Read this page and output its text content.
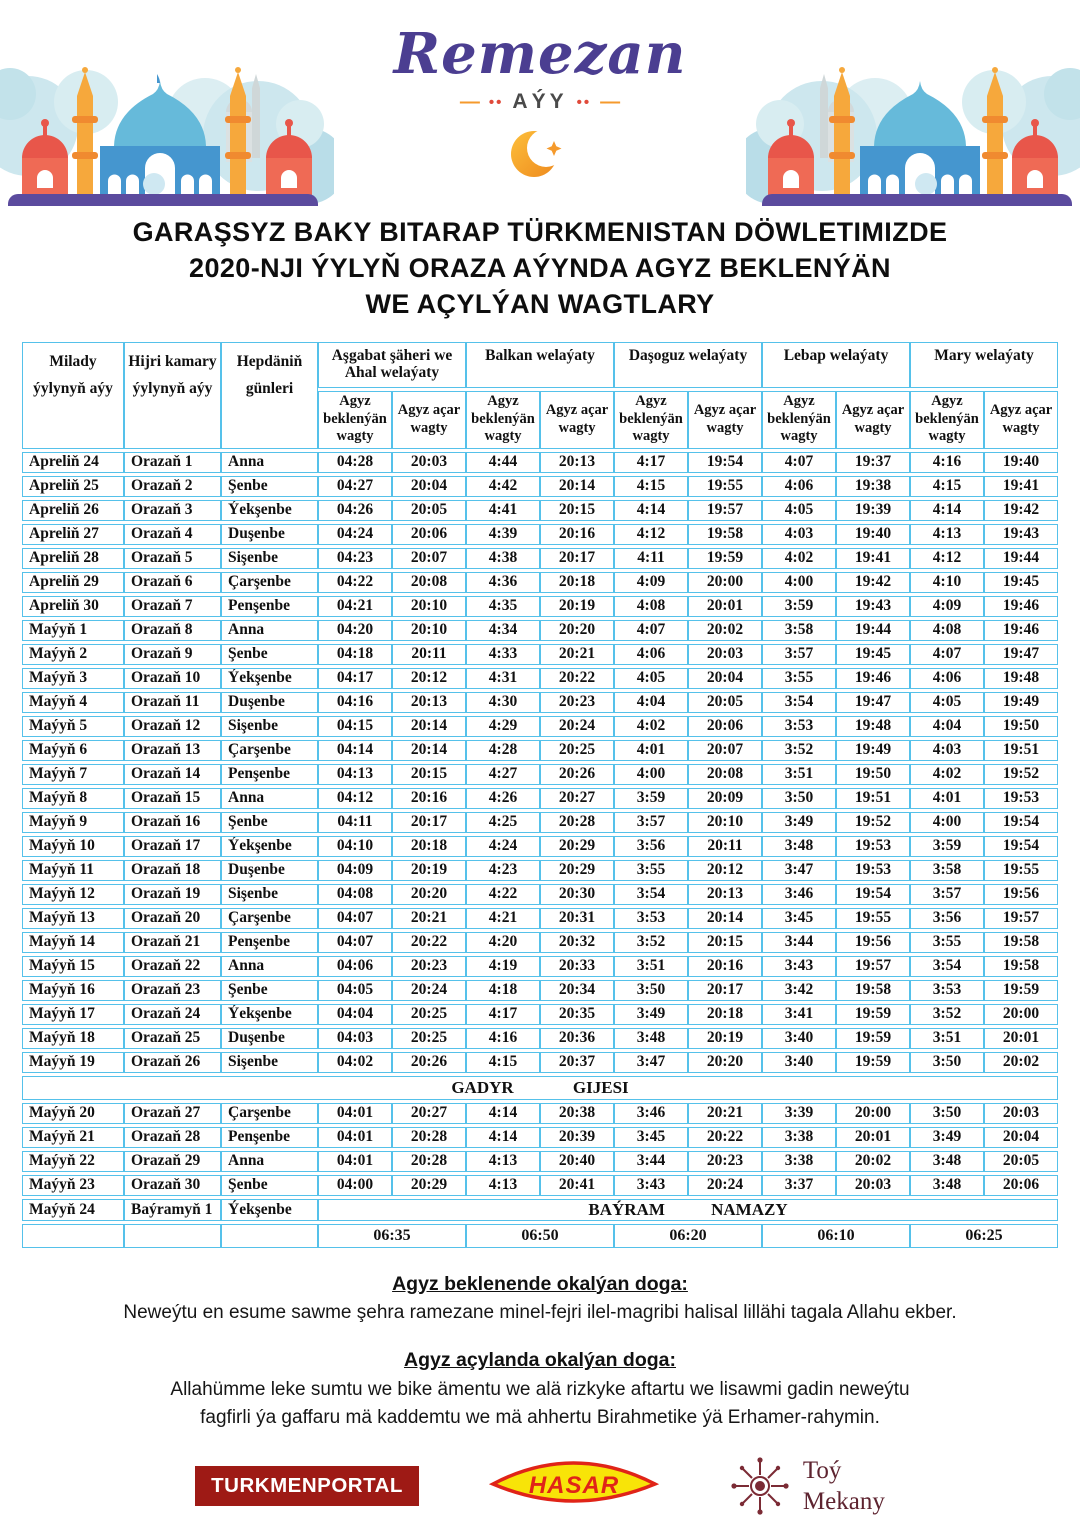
Remezan
— •• AÝY •• —
GARAŞSYZ BAKY BITARAP TÜRKMENISTAN DÖWLETIMIZDE
2020-NJI ÝYLYŇ ORAZA AÝYNDA AGYZ BEKLENÝÄN
WE AÇYLÝAN WAGTLARY
Milady ýylynyň aýy	Hijri kamary ýylynyň aýy	Hepdäniň günleri	Aşgabat şäheri we Ahal welaýaty		Balkan welaýaty		Daşoguz welaýaty		Lebap welaýaty		Mary welaýaty	
			Agyz beklenýän wagty	Agyz açar wagty	Agyz beklenýän wagty	Agyz açar wagty	Agyz beklenýän wagty	Agyz açar wagty	Agyz beklenýän wagty	Agyz açar wagty	Agyz beklenýän wagty	Agyz açar wagty
Apreliň 24	Orazaň 1	Anna	04:28	20:03	4:44	20:13	4:17	19:54	4:07	19:37	4:16	19:40
Apreliň 25	Orazaň 2	Şenbe	04:27	20:04	4:42	20:14	4:15	19:55	4:06	19:38	4:15	19:41
Apreliň 26	Orazaň 3	Ýekşenbe	04:26	20:05	4:41	20:15	4:14	19:57	4:05	19:39	4:14	19:42
Apreliň 27	Orazaň 4	Duşenbe	04:24	20:06	4:39	20:16	4:12	19:58	4:03	19:40	4:13	19:43
Apreliň 28	Orazaň 5	Sişenbe	04:23	20:07	4:38	20:17	4:11	19:59	4:02	19:41	4:12	19:44
Apreliň 29	Orazaň 6	Çarşenbe	04:22	20:08	4:36	20:18	4:09	20:00	4:00	19:42	4:10	19:45
Apreliň 30	Orazaň 7	Penşenbe	04:21	20:10	4:35	20:19	4:08	20:01	3:59	19:43	4:09	19:46
Maýyň 1	Orazaň 8	Anna	04:20	20:10	4:34	20:20	4:07	20:02	3:58	19:44	4:08	19:46
Maýyň 2	Orazaň 9	Şenbe	04:18	20:11	4:33	20:21	4:06	20:03	3:57	19:45	4:07	19:47
Maýyň 3	Orazaň 10	Ýekşenbe	04:17	20:12	4:31	20:22	4:05	20:04	3:55	19:46	4:06	19:48
Maýyň 4	Orazaň 11	Duşenbe	04:16	20:13	4:30	20:23	4:04	20:05	3:54	19:47	4:05	19:49
Maýyň 5	Orazaň 12	Sişenbe	04:15	20:14	4:29	20:24	4:02	20:06	3:53	19:48	4:04	19:50
Maýyň 6	Orazaň 13	Çarşenbe	04:14	20:14	4:28	20:25	4:01	20:07	3:52	19:49	4:03	19:51
Maýyň 7	Orazaň 14	Penşenbe	04:13	20:15	4:27	20:26	4:00	20:08	3:51	19:50	4:02	19:52
Maýyň 8	Orazaň 15	Anna	04:12	20:16	4:26	20:27	3:59	20:09	3:50	19:51	4:01	19:53
Maýyň 9	Orazaň 16	Şenbe	04:11	20:17	4:25	20:28	3:57	20:10	3:49	19:52	4:00	19:54
Maýyň 10	Orazaň 17	Ýekşenbe	04:10	20:18	4:24	20:29	3:56	20:11	3:48	19:53	3:59	19:54
Maýyň 11	Orazaň 18	Duşenbe	04:09	20:19	4:23	20:29	3:55	20:12	3:47	19:53	3:58	19:55
Maýyň 12	Orazaň 19	Sişenbe	04:08	20:20	4:22	20:30	3:54	20:13	3:46	19:54	3:57	19:56
Maýyň 13	Orazaň 20	Çarşenbe	04:07	20:21	4:21	20:31	3:53	20:14	3:45	19:55	3:56	19:57
Maýyň 14	Orazaň 21	Penşenbe	04:07	20:22	4:20	20:32	3:52	20:15	3:44	19:56	3:55	19:58
Maýyň 15	Orazaň 22	Anna	04:06	20:23	4:19	20:33	3:51	20:16	3:43	19:57	3:54	19:58
Maýyň 16	Orazaň 23	Şenbe	04:05	20:24	4:18	20:34	3:50	20:17	3:42	19:58	3:53	19:59
Maýyň 17	Orazaň 24	Ýekşenbe	04:04	20:25	4:17	20:35	3:49	20:18	3:41	19:59	3:52	20:00
Maýyň 18	Orazaň 25	Duşenbe	04:03	20:25	4:16	20:36	3:48	20:19	3:40	19:59	3:51	20:01
Maýyň 19	Orazaň 26	Sişenbe	04:02	20:26	4:15	20:37	3:47	20:20	3:40	19:59	3:50	20:02
GADYR GIJESI												
Maýyň 20	Orazaň 27	Çarşenbe	04:01	20:27	4:14	20:38	3:46	20:21	3:39	20:00	3:50	20:03
Maýyň 21	Orazaň 28	Penşenbe	04:01	20:28	4:14	20:39	3:45	20:22	3:38	20:01	3:49	20:04
Maýyň 22	Orazaň 29	Anna	04:01	20:28	4:13	20:40	3:44	20:23	3:38	20:02	3:48	20:05
Maýyň 23	Orazaň 30	Şenbe	04:00	20:29	4:13	20:41	3:43	20:24	3:37	20:03	3:48	20:06
Maýyň 24	Baýramyň 1	Ýekşenbe	BAÝRAM NAMAZY									
			06:35		06:50		06:20		06:10		06:25	
Agyz beklenende okalýan doga:
Neweýtu en esume sawme şehra ramezane minel-fejri ilel-magribi halisal lillähi tagala Allahu ekber.
Agyz açylanda okalýan doga:
Allahümme leke sumtu we bike ämentu we alä rizkyke aftartu we lisawmi gadin neweýtu
fagfirli ýa gaffaru mä kaddemtu we mä ahhertu Birahmetike ýä Erhamer-rahymin.
TURKMENPORTAL	HASAR
Toý
Mekany
